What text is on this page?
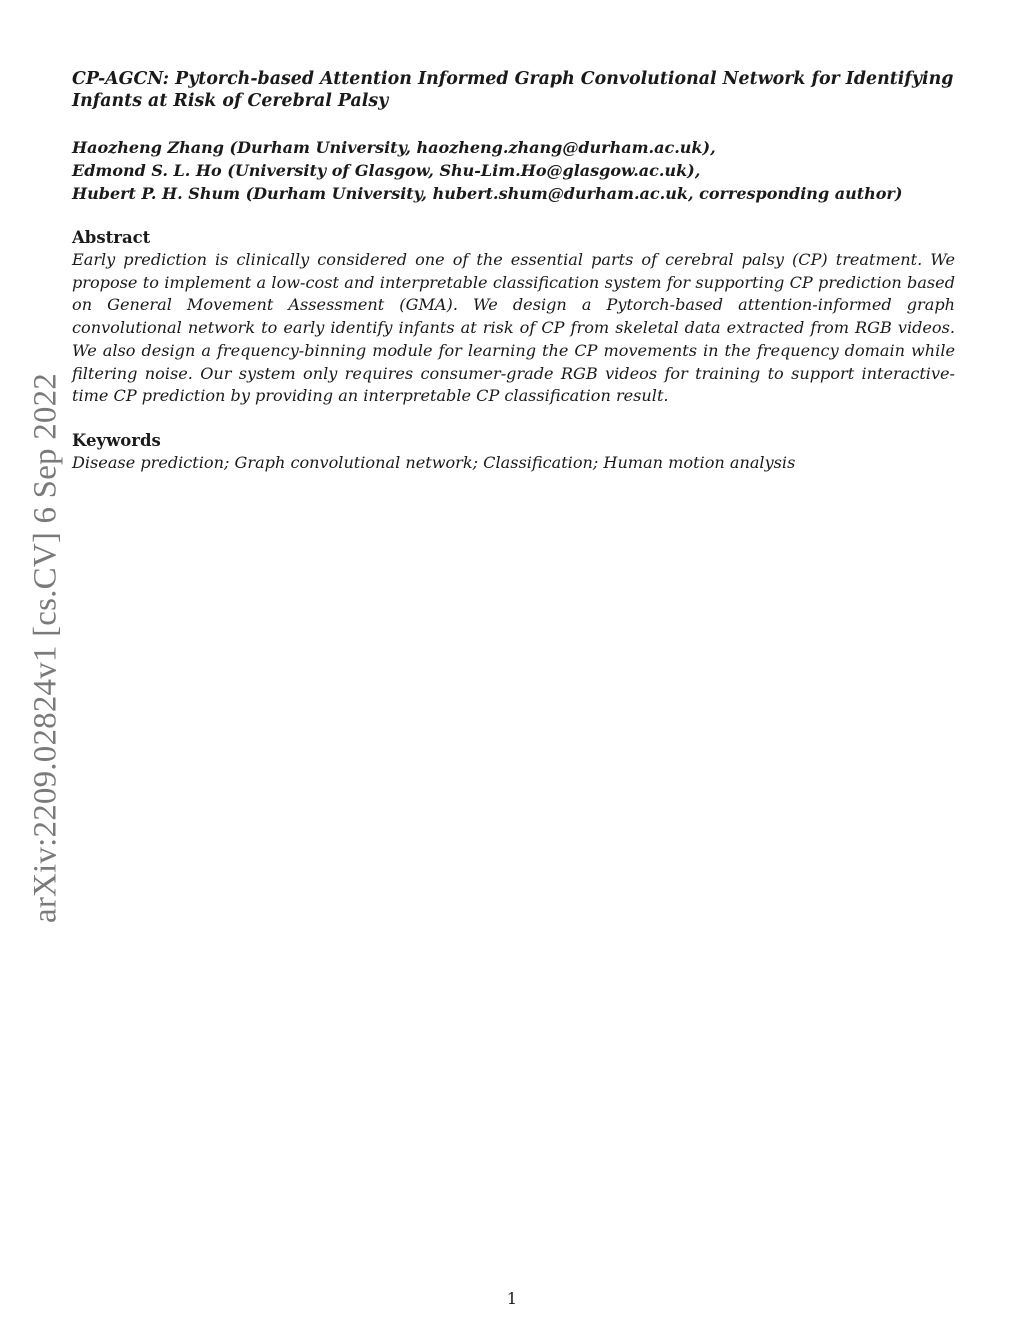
arXiv:2209.02824v1 [cs.CV] 6 Sep 2022
CP-AGCN: Pytorch-based Attention Informed Graph Convolutional Network for Identifying Infants at Risk of Cerebral Palsy
Haozheng Zhang (Durham University, haozheng.zhang@durham.ac.uk),
Edmond S. L. Ho (University of Glasgow, Shu-Lim.Ho@glasgow.ac.uk),
Hubert P. H. Shum (Durham University, hubert.shum@durham.ac.uk, corresponding author)
Abstract

Early prediction is clinically considered one of the essential parts of cerebral palsy (CP) treatment. We propose to implement a low-cost and interpretable classification system for supporting CP prediction based on General Movement Assessment (GMA). We design a Pytorch-based attention-informed graph convolutional network to early identify infants at risk of CP from skeletal data extracted from RGB videos. We also design a frequency-binning module for learning the CP movements in the frequency domain while filtering noise. Our system only requires consumer-grade RGB videos for training to support interactive-time CP prediction by providing an interpretable CP classification result.

Keywords

Disease prediction; Graph convolutional network; Classification; Human motion analysis

1
